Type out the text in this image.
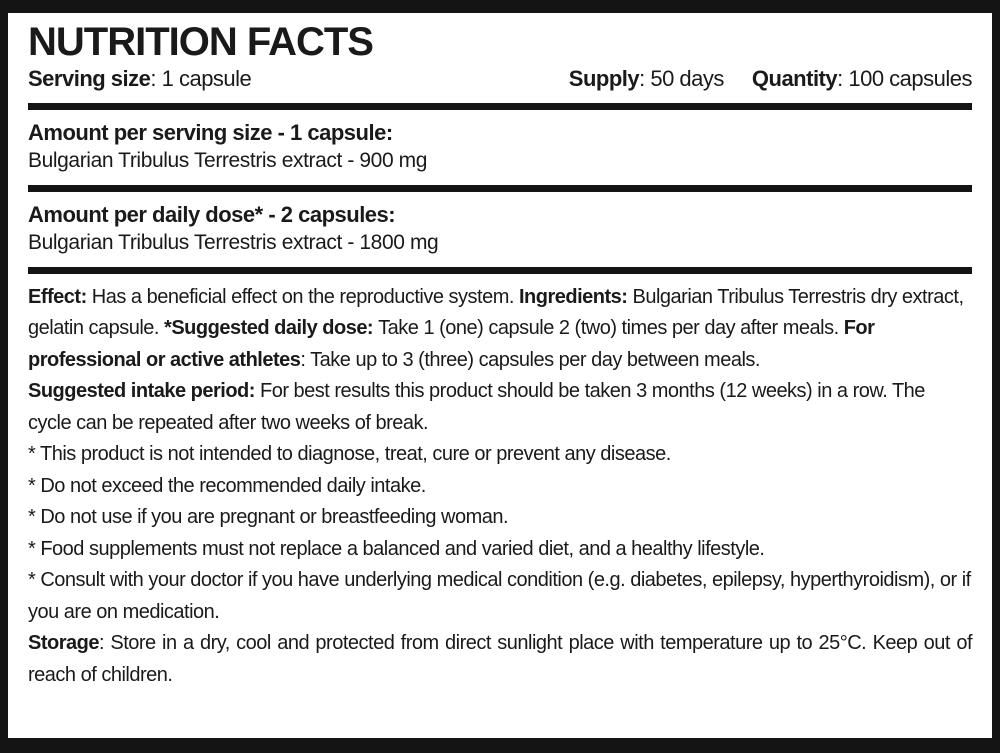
NUTRITION FACTS
Serving size: 1 capsule	Supply: 50 days Quantity: 100 capsules

Amount per serving size - 1 capsule:

Bulgarian Tribulus Terrestris extract - 900 mg

Amount per daily dose* - 2 capsules:

Bulgarian Tribulus Terrestris extract - 1800 mg

Effect: Has a beneficial effect on the reproductive system. Ingredients: Bulgarian Tribulus Terrestris dry extract, gelatin capsule. *Suggested daily dose: Take 1 (one) capsule 2 (two) times per day after meals. For professional or active athletes: Take up to 3 (three) capsules per day between meals.

Suggested intake period: For best results this product should be taken 3 months (12 weeks) in a row. The cycle can be repeated after two weeks of break.

* This product is not intended to diagnose, treat, cure or prevent any disease.

* Do not exceed the recommended daily intake.

* Do not use if you are pregnant or breastfeeding woman.

* Food supplements must not replace a balanced and varied diet, and a healthy lifestyle.

* Consult with your doctor if you have underlying medical condition (e.g. diabetes, epilepsy, hyperthyroidism), or if you are on medication.

Storage: Store in a dry, cool and protected from direct sunlight place with temperature up to 25°C. Keep out of reach of children.
